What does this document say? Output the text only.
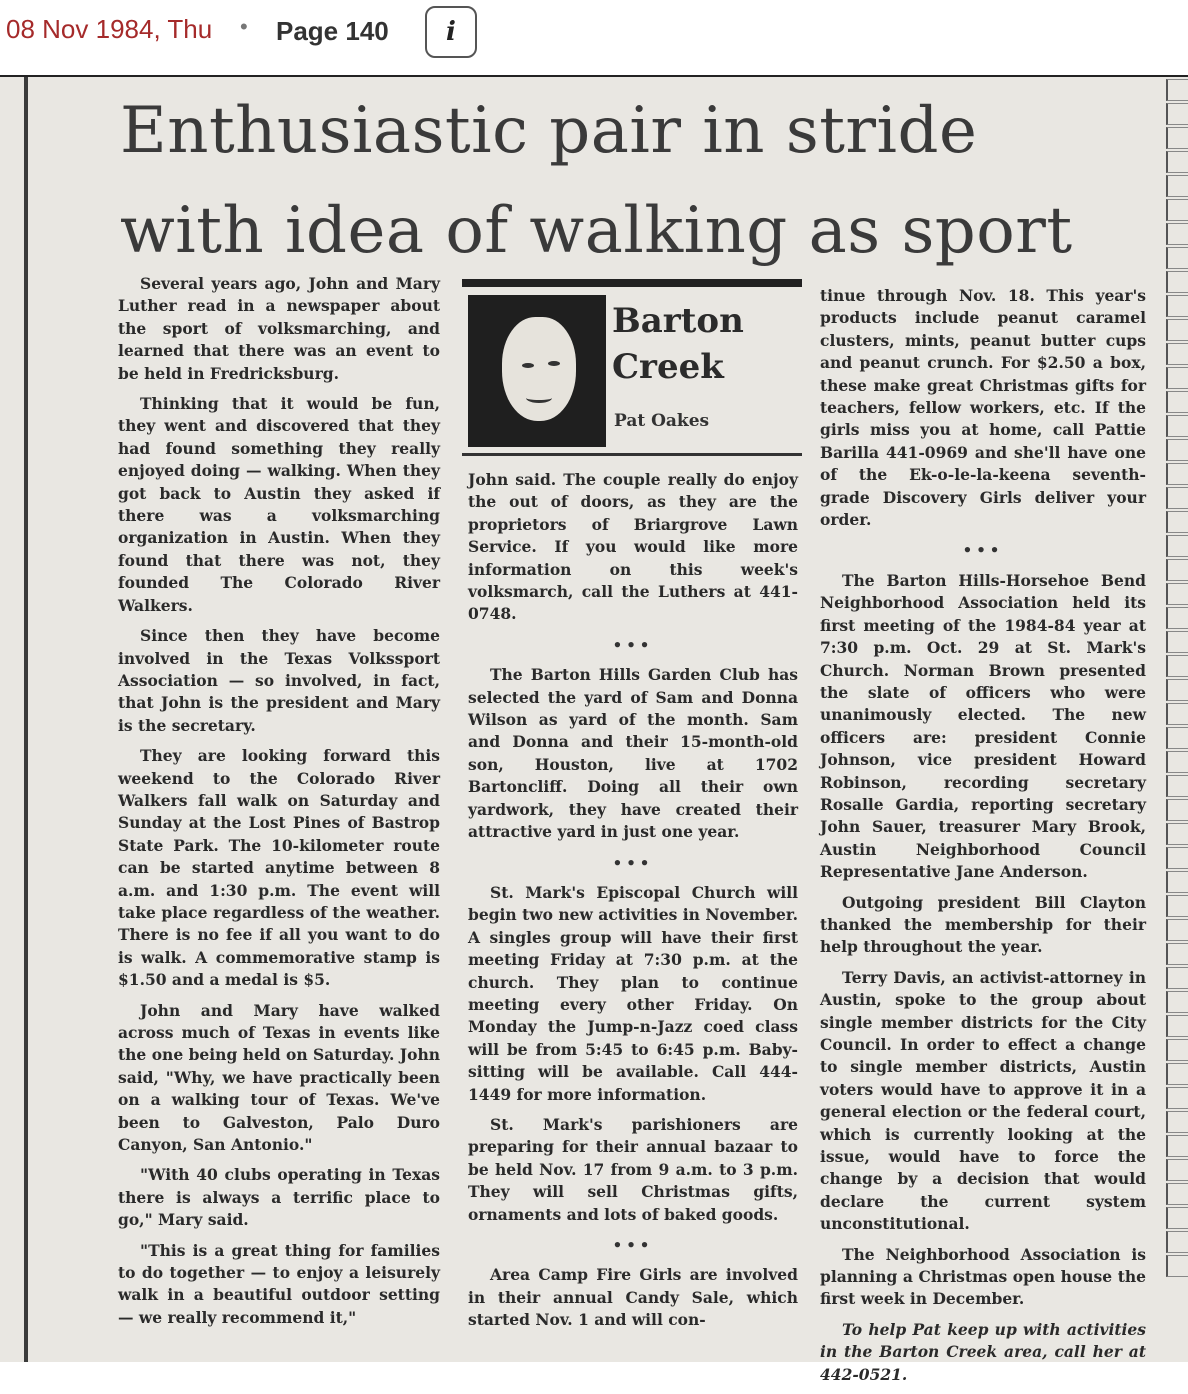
08 Nov 1984, Thu • Page 140	i
Enthusiastic pair in stride
with idea of walking as sport

Several years ago, John and Mary Luther read in a newspaper about the sport of volksmarching, and learned that there was an event to be held in Fredricksburg.

Thinking that it would be fun, they went and discovered that they had found something they really enjoyed doing — walking. When they got back to Austin they asked if there was a volksmarching organization in Austin. When they found that there was not, they founded The Colorado River Walkers.

Since then they have become involved in the Texas Volkssport Association — so involved, in fact, that John is the president and Mary is the secretary.

They are looking forward this weekend to the Colorado River Walkers fall walk on Saturday and Sunday at the Lost Pines of Bastrop State Park. The 10-kilometer route can be started anytime between 8 a.m. and 1:30 p.m. The event will take place regardless of the weather. There is no fee if all you want to do is walk. A commemorative stamp is $1.50 and a medal is $5.

John and Mary have walked across much of Texas in events like the one being held on Saturday. John said, "Why, we have practically been on a walking tour of Texas. We've been to Galveston, Palo Duro Canyon, San Antonio."

"With 40 clubs operating in Texas there is always a terrific place to go," Mary said.

"This is a great thing for families to do together — to enjoy a leisurely walk in a beautiful outdoor setting — we really recommend it,"

Barton
Creek
Pat Oakes

John said. The couple really do enjoy the out of doors, as they are the proprietors of Briargrove Lawn Service. If you would like more information on this week's volksmarch, call the Luthers at 441-0748.

•••

The Barton Hills Garden Club has selected the yard of Sam and Donna Wilson as yard of the month. Sam and Donna and their 15-month-old son, Houston, live at 1702 Bartoncliff. Doing all their own yardwork, they have created their attractive yard in just one year.

•••

St. Mark's Episcopal Church will begin two new activities in November. A singles group will have their first meeting Friday at 7:30 p.m. at the church. They plan to continue meeting every other Friday. On Monday the Jump-n-Jazz coed class will be from 5:45 to 6:45 p.m. Baby-sitting will be available. Call 444-1449 for more information.

St. Mark's parishioners are preparing for their annual bazaar to be held Nov. 17 from 9 a.m. to 3 p.m. They will sell Christmas gifts, ornaments and lots of baked goods.

•••

Area Camp Fire Girls are involved in their annual Candy Sale, which started Nov. 1 and will con-

tinue through Nov. 18. This year's products include peanut caramel clusters, mints, peanut butter cups and peanut crunch. For $2.50 a box, these make great Christmas gifts for teachers, fellow workers, etc. If the girls miss you at home, call Pattie Barilla 441-0969 and she'll have one of the Ek-o-le-la-keena seventh-grade Discovery Girls deliver your order.

•••

The Barton Hills-Horsehoe Bend Neighborhood Association held its first meeting of the 1984-84 year at 7:30 p.m. Oct. 29 at St. Mark's Church. Norman Brown presented the slate of officers who were unanimously elected. The new officers are: president Connie Johnson, vice president Howard Robinson, recording secretary Rosalle Gardia, reporting secretary John Sauer, treasurer Mary Brook, Austin Neighborhood Council Representative Jane Anderson.

Outgoing president Bill Clayton thanked the membership for their help throughout the year.

Terry Davis, an activist-attorney in Austin, spoke to the group about single member districts for the City Council. In order to effect a change to single member districts, Austin voters would have to approve it in a general election or the federal court, which is currently looking at the issue, would have to force the change by a decision that would declare the current system unconstitutional.

The Neighborhood Association is planning a Christmas open house the first week in December.

To help Pat keep up with activities in the Barton Creek area, call her at 442-0521.
